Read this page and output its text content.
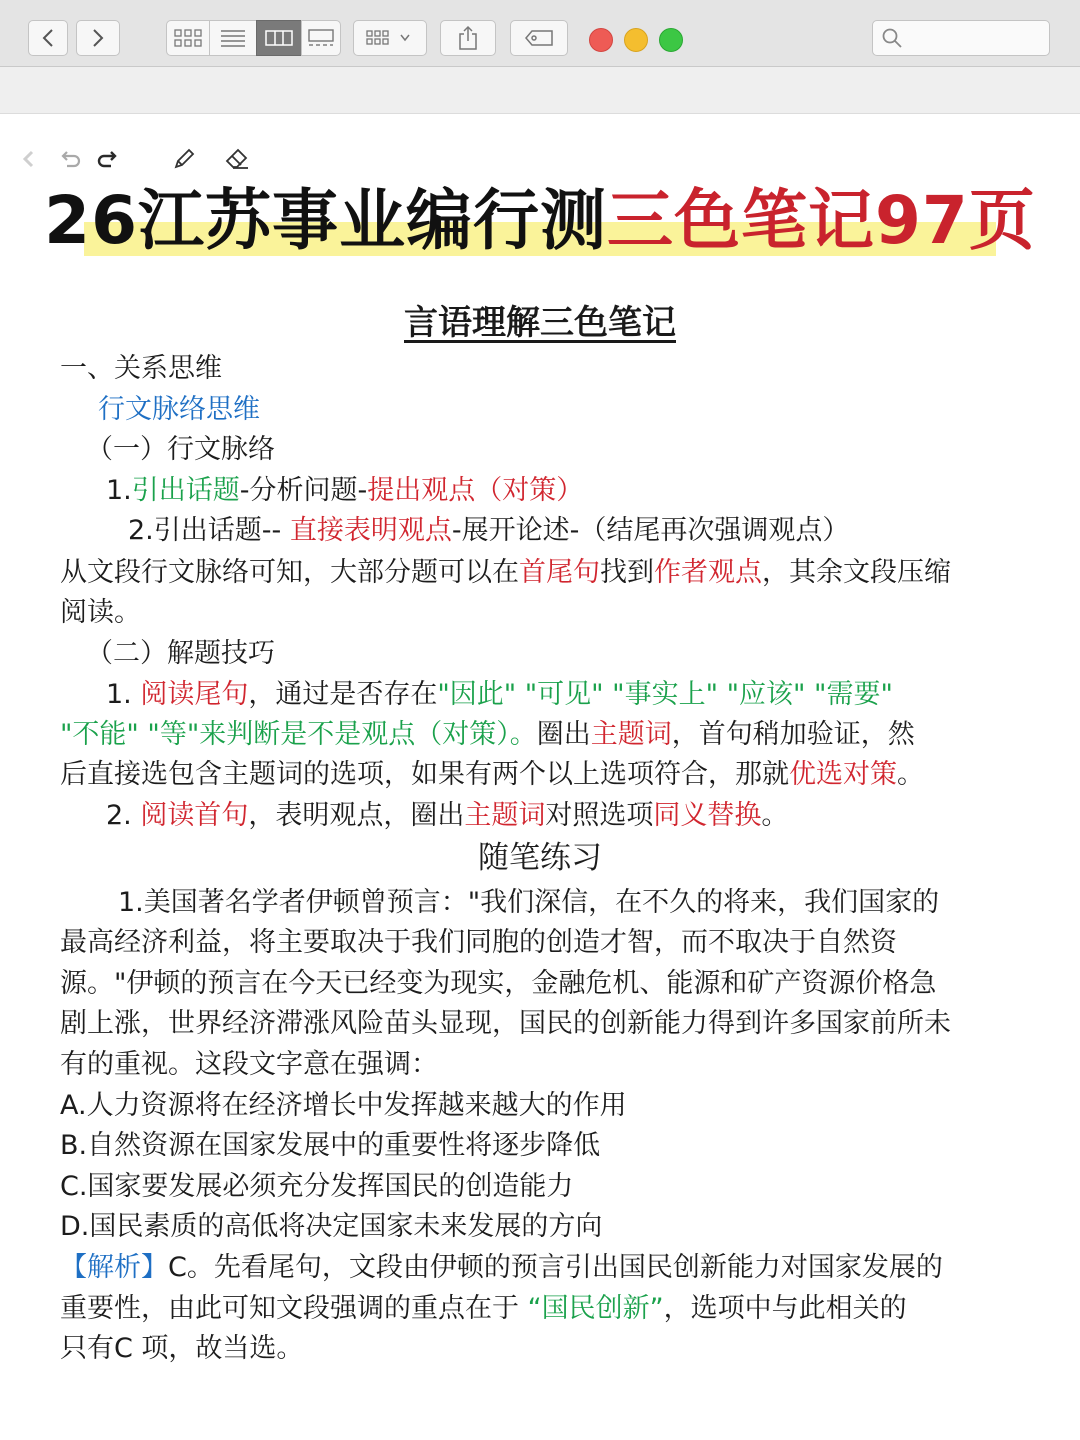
26江苏事业编行测三色笔记97页
言语理解三色笔记
一、关系思维
行文脉络思维
（一）行文脉络
1.引出话题-分析问题-提出观点（对策）
2.引出话题-- 直接表明观点-展开论述-（结尾再次强调观点）
从文段行文脉络可知，大部分题可以在首尾句找到作者观点，其余文段压缩
阅读。
（二）解题技巧
1. 阅读尾句，通过是否存在"因此" "可见" "事实上" "应该" "需要"
"不能" "等"来判断是不是观点（对策）。圈出主题词，首句稍加验证，然
后直接选包含主题词的选项，如果有两个以上选项符合，那就优选对策。
2. 阅读首句，表明观点，圈出主题词对照选项同义替换。
随笔练习
1.美国著名学者伊顿曾预言："我们深信，在不久的将来，我们国家的
最高经济利益，将主要取决于我们同胞的创造才智，而不取决于自然资
源。"伊顿的预言在今天已经变为现实，金融危机、能源和矿产资源价格急
剧上涨，世界经济滞涨风险苗头显现，国民的创新能力得到许多国家前所未
有的重视。这段文字意在强调：
A.人力资源将在经济增长中发挥越来越大的作用
B.自然资源在国家发展中的重要性将逐步降低
C.国家要发展必须充分发挥国民的创造能力
D.国民素质的高低将决定国家未来发展的方向
【解析】C。先看尾句，文段由伊顿的预言引出国民创新能力对国家发展的
重要性，由此可知文段强调的重点在于 “国民创新”，选项中与此相关的
只有C 项，故当选。
